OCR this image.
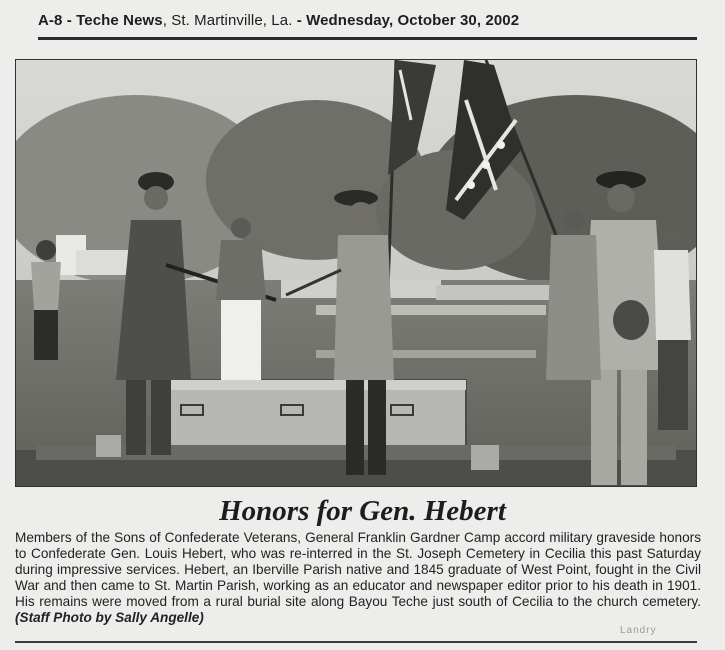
A-8 - Teche News, St. Martinville, La. - Wednesday, October 30, 2002
Honors for Gen. Hebert
Members of the Sons of Confederate Veterans, General Franklin Gardner Camp accord military graveside honors to Confederate Gen. Louis Hebert, who was re-interred in the St. Joseph Cemetery in Cecilia this past Saturday during impressive services. Hebert, an Iberville Parish native and 1845 graduate of West Point, fought in the Civil War and then came to St. Martin Parish, working as an educator and newspaper editor prior to his death in 1901. His remains were moved from a rural burial site along Bayou Teche just south of Cecilia to the church cemetery. (Staff Photo by Sally Angelle)
Landry
